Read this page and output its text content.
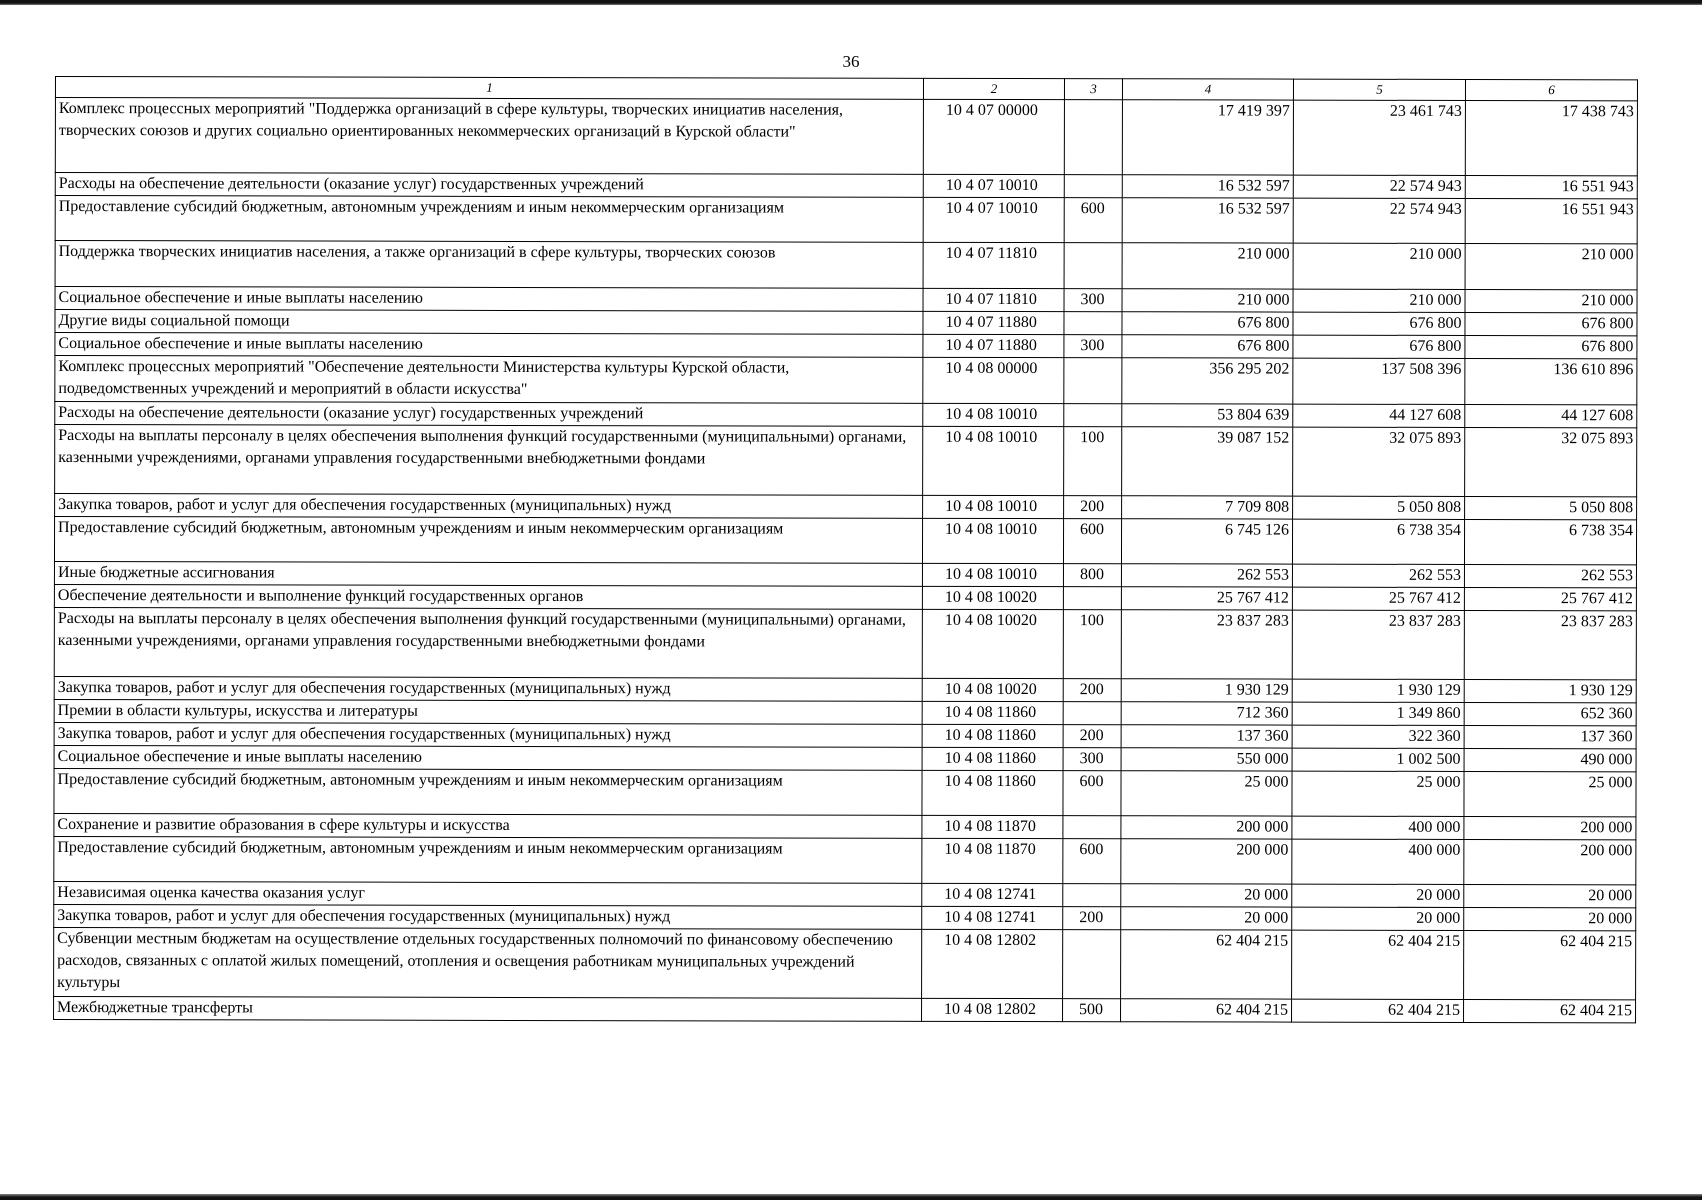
36
1	2	3	4	5	6
Комплекс процессных мероприятий "Поддержка организаций в сфере культуры, творческих инициатив населения, творческих союзов и других социально ориентированных некоммерческих организаций в Курской области"	10 4 07 00000		17 419 397	23 461 743	17 438 743
Расходы на обеспечение деятельности (оказание услуг) государственных учреждений	10 4 07 10010		16 532 597	22 574 943	16 551 943
Предоставление субсидий бюджетным, автономным учреждениям и иным некоммерческим организациям	10 4 07 10010	600	16 532 597	22 574 943	16 551 943
Поддержка творческих инициатив населения, а также организаций в сфере культуры, творческих союзов	10 4 07 11810		210 000	210 000	210 000
Социальное обеспечение и иные выплаты населению	10 4 07 11810	300	210 000	210 000	210 000
Другие виды социальной помощи	10 4 07 11880		676 800	676 800	676 800
Социальное обеспечение и иные выплаты населению	10 4 07 11880	300	676 800	676 800	676 800
Комплекс процессных мероприятий "Обеспечение деятельности Министерства культуры Курской области, подведомственных учреждений и мероприятий в области искусства"	10 4 08 00000		356 295 202	137 508 396	136 610 896
Расходы на обеспечение деятельности (оказание услуг) государственных учреждений	10 4 08 10010		53 804 639	44 127 608	44 127 608
Расходы на выплаты персоналу в целях обеспечения выполнения функций государственными (муниципальными) органами, казенными учреждениями, органами управления государственными внебюджетными фондами	10 4 08 10010	100	39 087 152	32 075 893	32 075 893
Закупка товаров, работ и услуг для обеспечения государственных (муниципальных) нужд	10 4 08 10010	200	7 709 808	5 050 808	5 050 808
Предоставление субсидий бюджетным, автономным учреждениям и иным некоммерческим организациям	10 4 08 10010	600	6 745 126	6 738 354	6 738 354
Иные бюджетные ассигнования	10 4 08 10010	800	262 553	262 553	262 553
Обеспечение деятельности и выполнение функций государственных органов	10 4 08 10020		25 767 412	25 767 412	25 767 412
Расходы на выплаты персоналу в целях обеспечения выполнения функций государственными (муниципальными) органами, казенными учреждениями, органами управления государственными внебюджетными фондами	10 4 08 10020	100	23 837 283	23 837 283	23 837 283
Закупка товаров, работ и услуг для обеспечения государственных (муниципальных) нужд	10 4 08 10020	200	1 930 129	1 930 129	1 930 129
Премии в области культуры, искусства и литературы	10 4 08 11860		712 360	1 349 860	652 360
Закупка товаров, работ и услуг для обеспечения государственных (муниципальных) нужд	10 4 08 11860	200	137 360	322 360	137 360
Социальное обеспечение и иные выплаты населению	10 4 08 11860	300	550 000	1 002 500	490 000
Предоставление субсидий бюджетным, автономным учреждениям и иным некоммерческим организациям	10 4 08 11860	600	25 000	25 000	25 000
Сохранение и развитие образования в сфере культуры и искусства	10 4 08 11870		200 000	400 000	200 000
Предоставление субсидий бюджетным, автономным учреждениям и иным некоммерческим организациям	10 4 08 11870	600	200 000	400 000	200 000
Независимая оценка качества оказания услуг	10 4 08 12741		20 000	20 000	20 000
Закупка товаров, работ и услуг для обеспечения государственных (муниципальных) нужд	10 4 08 12741	200	20 000	20 000	20 000
Субвенции местным бюджетам на осуществление отдельных государственных полномочий по финансовому обеспечению расходов, связанных с оплатой жилых помещений, отопления и освещения работникам муниципальных учреждений культуры	10 4 08 12802		62 404 215	62 404 215	62 404 215
Межбюджетные трансферты	10 4 08 12802	500	62 404 215	62 404 215	62 404 215
